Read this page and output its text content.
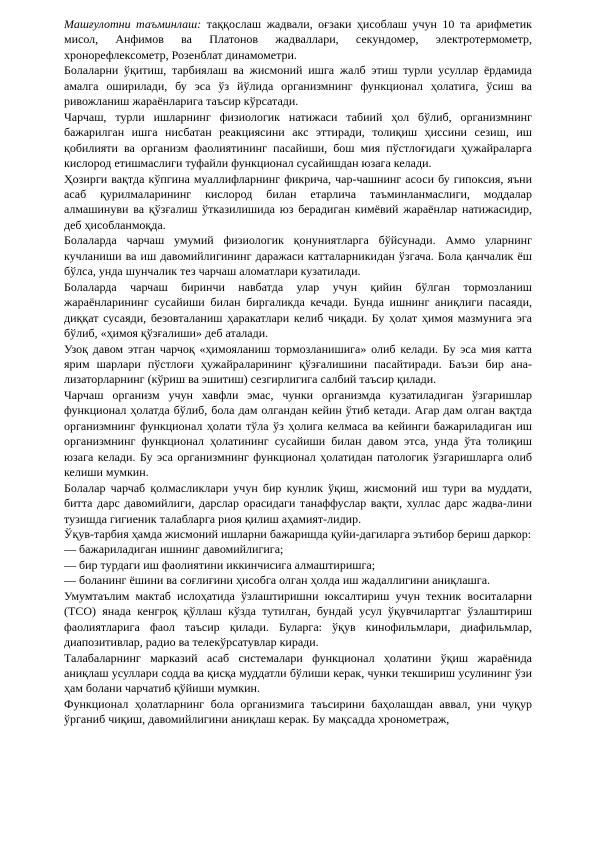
Машғулотни таъминлаш: таққослаш жадвали, оғзаки ҳисоблаш учун 10 та арифметик мисол, Анфимов ва Платонов жадваллари, секундомер, электротермометр, хронорефлексометр, Розенблат динамометри.

Болаларни ўқитиш, тарбиялаш ва жисмоний ишга жалб этиш турли усуллар ёрдамида амалга оширилади, бу эса ўз йўлида организмнинг функционал ҳолатига, ўсиш ва ривожланиш жараёнларига таъсир кўрсатади.

Чарчаш, турли ишларнинг физиологик натижаси табиий ҳол бўлиб, организмнинг бажарилган ишга нисбатан реакциясини акс эттиради, толиқиш ҳиссини сезиш, иш қобилияти ва организм фаолиятининг пасайиши, бош мия пўстлоғидаги ҳужайраларга кислород етишмаслиги туфайли функционал сусайишдан юзага келади.

Ҳозирги вақтда кўпгина муаллифларнинг фикрича, чар-чашнинг асоси бу гипоксия, яъни асаб қурилмаларининг кислород билан етарлича таъминланмаслиги, моддалар алмашинуви ва қўзғалиш ўтказилишида юз берадиган кимёвий жараёнлар натижасидир, деб ҳисобланмоқда.

Болаларда чарчаш умумий физиологик қонуниятларга бўйсунади. Аммо уларнинг кучланиши ва иш давомийлигининг даражаси катталарникидан ўзгача. Бола қанчалик ёш бўлса, унда шунчалик тез чарчаш аломатлари кузатилади.

Болаларда чарчаш биринчи навбатда улар учун қийин бўлган тормозланиш жараёнларининг сусайиши билан биргаликда кечади. Бунда ишнинг аниқлиги пасаяди, диққат сусаяди, безовталаниш ҳаракатлари келиб чиқади. Бу ҳолат ҳимоя мазмунига эга бўлиб, «ҳимоя қўзғалиши» деб аталади.

Узоқ давом этган чарчоқ «ҳимояланиш тормозланишига» олиб келади. Бу эса мия катта ярим шарлари пўстлоғи ҳужайраларининг қўзғалишини пасайтиради. Баъзи бир ана-лизаторларнинг (кўриш ва эшитиш) сезгирлигига салбий таъсир қилади.

Чарчаш организм учун хавфли эмас, чунки организмда кузатиладиган ўзгаришлар функционал ҳолатда бўлиб, бола дам олгандан кейин ўтиб кетади. Агар дам олган вақтда организмнинг функционал ҳолати тўла ўз ҳолига келмаса ва кейинги бажариладиган иш организмнинг функционал ҳолатининг сусайиши билан давом этса, унда ўта толиқиш юзага келади. Бу эса организмнинг функционал ҳолатидан патологик ўзгаришларга олиб келиши мумкин.

Болалар чарчаб қолмасликлари учун бир кунлик ўқиш, жисмоний иш тури ва муддати, битта дарс давомийлиги, дарслар орасидаги танаффуслар вақти, хуллас дарс жадва-лини тузишда гигиеник талабларга риоя қилиш аҳамият-лидир.

Ўқув-тарбия ҳамда жисмоний ишларни бажаришда қуйи-дагиларга эътибор бериш даркор:

— бажариладиган ишнинг давомийлигига;

— бир турдаги иш фаолиятини иккинчисига алмаштиришга;

— боланинг ёшини ва соғлиғини ҳисобга олган ҳолда иш жадаллигини аниқлашга.

Умумтаълим мактаб ислоҳатида ўзлаштиришни юксалтириш учун техник воситаларни (ТСО) янада кенгроқ қўллаш кўзда тутилган, бундай усул ўқувчилартгаг ўзлаштириш фаолиятларига фаол таъсир қилади. Буларга: ўқув кинофильмлари, диафильмлар, диапозитивлар, радио ва телекўрсатувлар киради.

Талабаларнинг марказий асаб системалари функционал ҳолатини ўқиш жараёнида аниқлаш усуллари содда ва қисқа муддатли бўлиши керак, чунки текшириш усулининг ўзи ҳам болани чарчатиб қўйиши мумкин.

Функционал ҳолатларнинг бола организмига таъсирини баҳолашдан аввал, уни чуқур ўрганиб чиқиш, давомийлигини аниқлаш керак. Бу мақсадда хронометраж,
